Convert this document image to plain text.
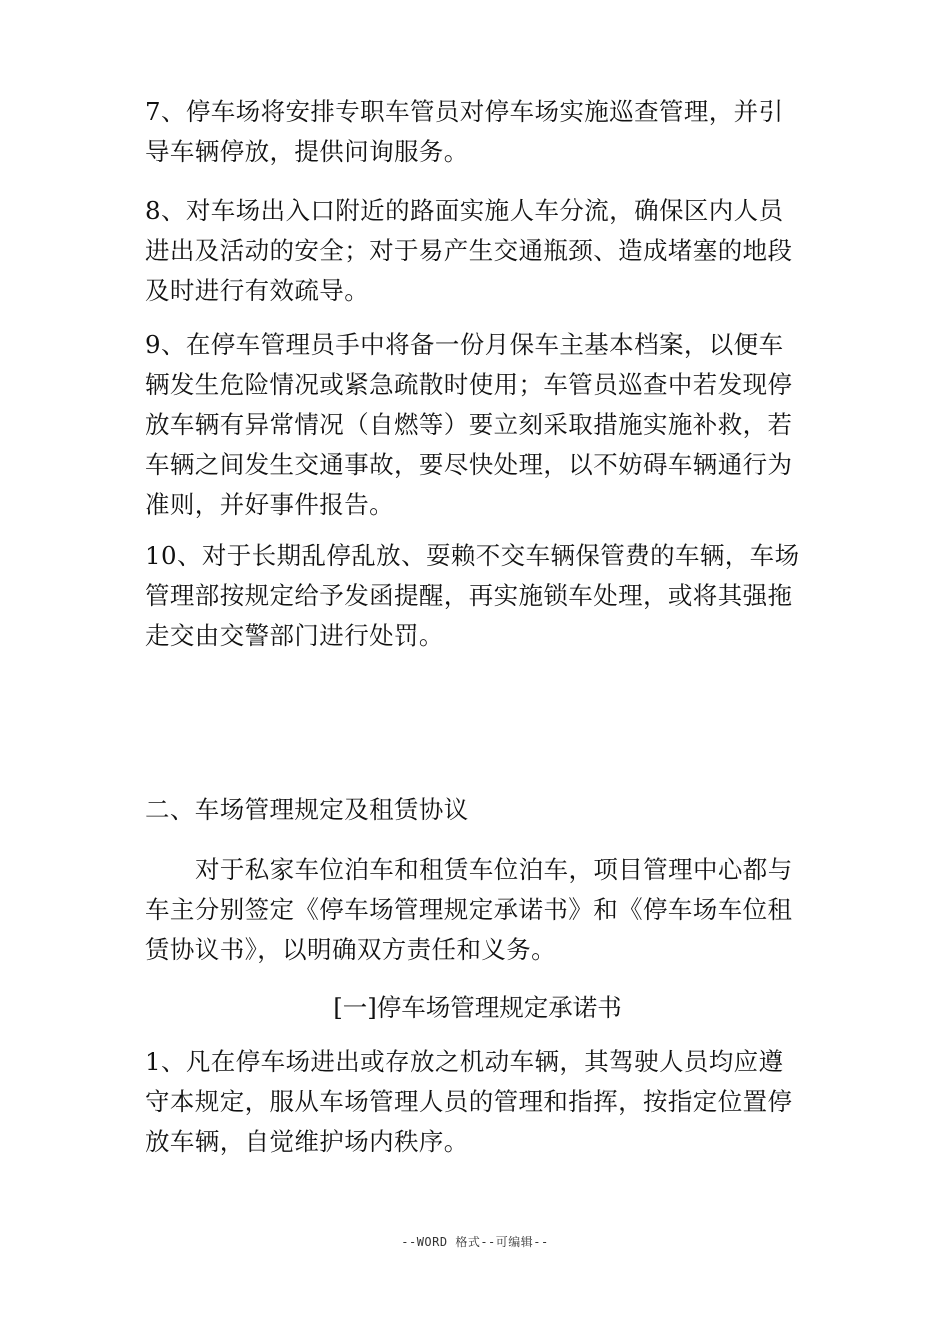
7、停车场将安排专职车管员对停车场实施巡查管理，并引
导车辆停放，提供问询服务。
8、对车场出入口附近的路面实施人车分流，确保区内人员
进出及活动的安全；对于易产生交通瓶颈、造成堵塞的地段
及时进行有效疏导。
9、在停车管理员手中将备一份月保车主基本档案，以便车
辆发生危险情况或紧急疏散时使用；车管员巡查中若发现停
放车辆有异常情况（自燃等）要立刻采取措施实施补救，若
车辆之间发生交通事故，要尽快处理，以不妨碍车辆通行为
准则，并好事件报告。
10、对于长期乱停乱放、耍赖不交车辆保管费的车辆，车场
管理部按规定给予发函提醒，再实施锁车处理，或将其强拖
走交由交警部门进行处罚。
二、车场管理规定及租赁协议
对于私家车位泊车和租赁车位泊车，项目管理中心都与
车主分别签定《停车场管理规定承诺书》和《停车场车位租
赁协议书》，以明确双方责任和义务。
[一]停车场管理规定承诺书
1、凡在停车场进出或存放之机动车辆，其驾驶人员均应遵
守本规定，服从车场管理人员的管理和指挥，按指定位置停
放车辆，自觉维护场内秩序。
--WORD 格式--可编辑--
